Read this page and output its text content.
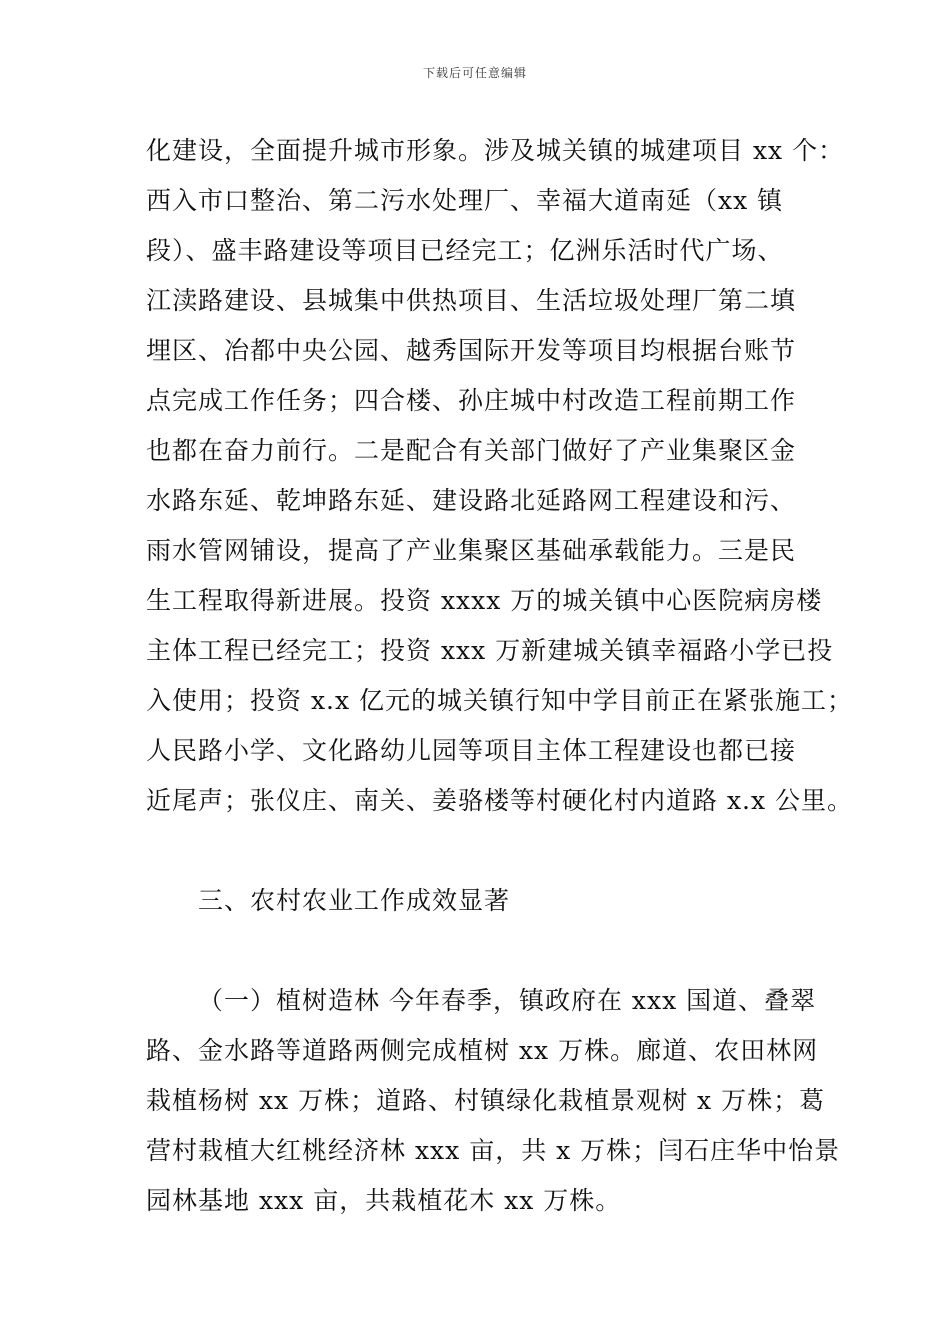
下载后可任意编辑
化建设，全面提升城市形象。涉及城关镇的城建项目 xx 个：
西入市口整治、第二污水处理厂、幸福大道南延（xx 镇
段）、盛丰路建设等项目已经完工；亿洲乐活时代广场、
江渎路建设、县城集中供热项目、生活垃圾处理厂第二填
埋区、冶都中央公园、越秀国际开发等项目均根据台账节
点完成工作任务；四合楼、孙庄城中村改造工程前期工作
也都在奋力前行。二是配合有关部门做好了产业集聚区金
水路东延、乾坤路东延、建设路北延路网工程建设和污、
雨水管网铺设，提高了产业集聚区基础承载能力。三是民
生工程取得新进展。投资 xxxx 万的城关镇中心医院病房楼
主体工程已经完工；投资 xxx 万新建城关镇幸福路小学已投
入使用；投资 x.x 亿元的城关镇行知中学目前正在紧张施工；
人民路小学、文化路幼儿园等项目主体工程建设也都已接
近尾声；张仪庄、南关、姜骆楼等村硬化村内道路 x.x 公里。
三、农村农业工作成效显著
（一）植树造林 今年春季，镇政府在 xxx 国道、叠翠
路、金水路等道路两侧完成植树 xx 万株。廊道、农田林网
栽植杨树 xx 万株；道路、村镇绿化栽植景观树 x 万株；葛
营村栽植大红桃经济林 xxx 亩，共 x 万株；闫石庄华中怡景
园林基地 xxx 亩，共栽植花木 xx 万株。
